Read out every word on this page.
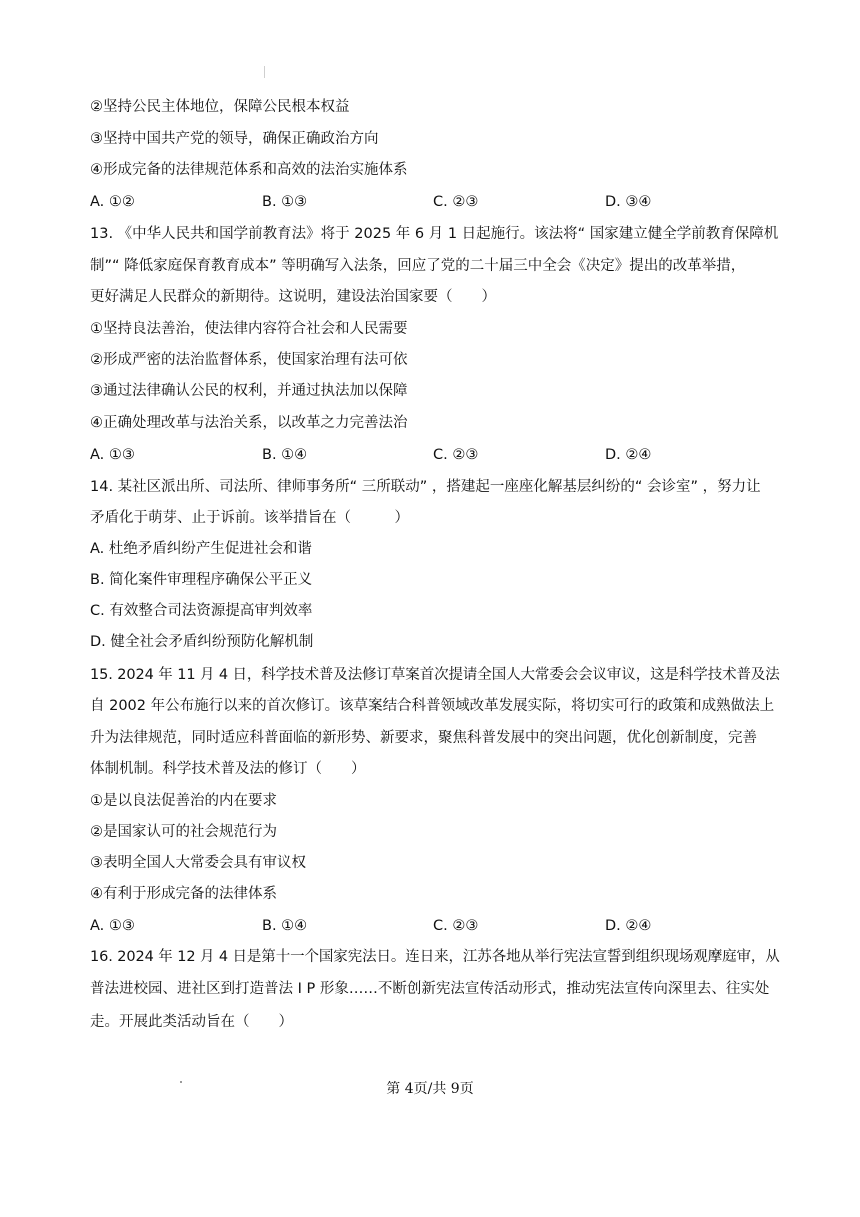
②坚持公民主体地位，保障公民根本权益
③坚持中国共产党的领导，确保正确政治方向
④形成完备的法律规范体系和高效的法治实施体系
A. ①②	B. ①③	C. ②③	D. ③④
13. 《中华人民共和国学前教育法》将于 2025 年 6 月 1 日起施行。该法将“ 国家建立健全学前教育保障机
制”“ 降低家庭保育教育成本” 等明确写入法条，回应了党的二十届三中全会《决定》提出的改革举措，
更好满足人民群众的新期待。这说明，建设法治国家要（　　）
①坚持良法善治，使法律内容符合社会和人民需要
②形成严密的法治监督体系，使国家治理有法可依
③通过法律确认公民的权利，并通过执法加以保障
④正确处理改革与法治关系，以改革之力完善法治
A. ①③	B. ①④	C. ②③	D. ②④
14. 某社区派出所、司法所、律师事务所“ 三所联动” ，搭建起一座座化解基层纠纷的“ 会诊室” ，努力让
矛盾化于萌芽、止于诉前。该举措旨在（　　　）
A. 杜绝矛盾纠纷产生促进社会和谐
B. 简化案件审理程序确保公平正义
C. 有效整合司法资源提高审判效率
D. 健全社会矛盾纠纷预防化解机制
15. 2024 年 11 月 4 日，科学技术普及法修订草案首次提请全国人大常委会会议审议，这是科学技术普及法
自 2002 年公布施行以来的首次修订。该草案结合科普领域改革发展实际，将切实可行的政策和成熟做法上
升为法律规范，同时适应科普面临的新形势、新要求，聚焦科普发展中的突出问题，优化创新制度，完善
体制机制。科学技术普及法的修订（　　）
①是以良法促善治的内在要求
②是国家认可的社会规范行为
③表明全国人大常委会具有审议权
④有利于形成完备的法律体系
A. ①③	B. ①④	C. ②③	D. ②④
16. 2024 年 12 月 4 日是第十一个国家宪法日。连日来，江苏各地从举行宪法宣誓到组织现场观摩庭审，从
普法进校园、进社区到打造普法 I P 形象……不断创新宪法宣传活动形式，推动宪法宣传向深里去、往实处
走。开展此类活动旨在（　　）
第 4页/共 9页
